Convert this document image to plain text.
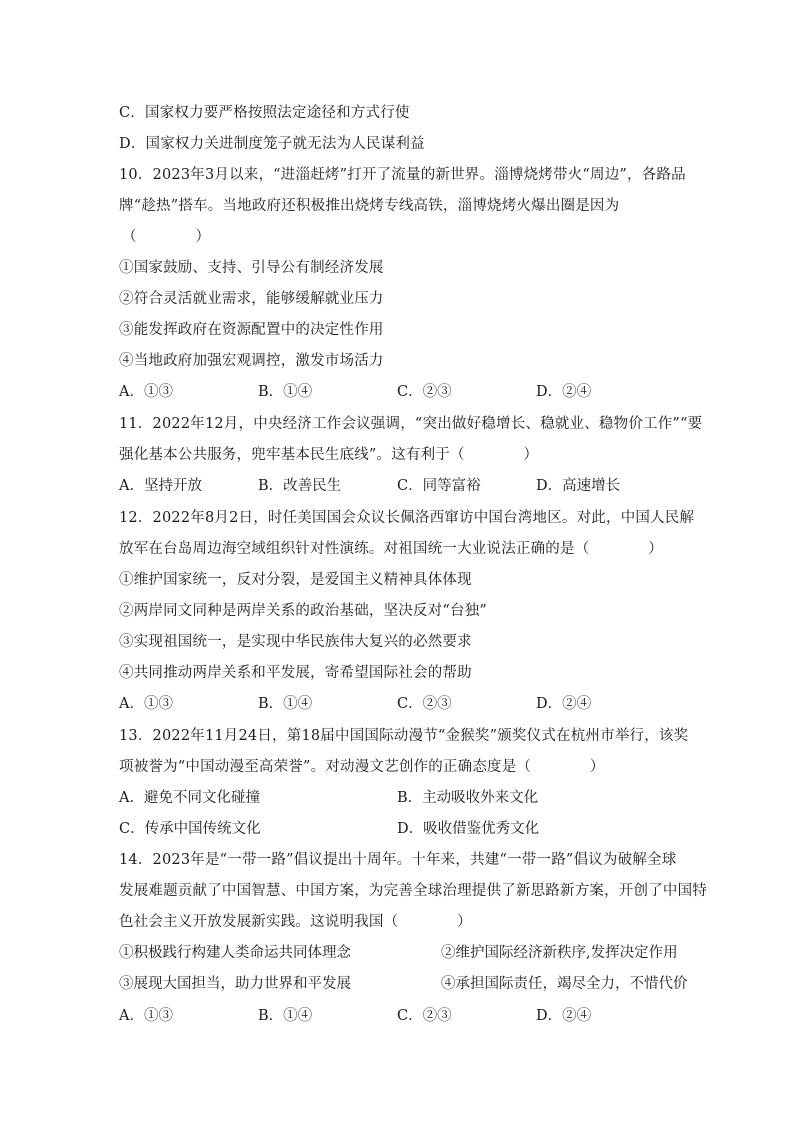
C．国家权力要严格按照法定途径和方式行使
D．国家权力关进制度笼子就无法为人民谋利益
10．2023年3月以来，“进淄赶烤”打开了流量的新世界。淄博烧烤带火“周边”，各路品
牌“趁热”搭车。当地政府还积极推出烧烤专线高铁，淄博烧烤火爆出圈是因为
（　　　　）
①国家鼓励、支持、引导公有制经济发展
②符合灵活就业需求，能够缓解就业压力
③能发挥政府在资源配置中的决定性作用
④当地政府加强宏观调控，激发市场活力
A．①③	B．①④	C．②③	D．②④
11．2022年12月，中央经济工作会议强调，“突出做好稳增长、稳就业、稳物价工作”“要
强化基本公共服务，兜牢基本民生底线”。这有利于（　　　　）
A．坚持开放	B．改善民生	C．同等富裕	D．高速增长
12．2022年8月2日，时任美国国会众议长佩洛西窜访中国台湾地区。对此，中国人民解
放军在台岛周边海空域组织针对性演练。对祖国统一大业说法正确的是（　　　　）
①维护国家统一，反对分裂，是爱国主义精神具体体现
②两岸同文同种是两岸关系的政治基础，坚决反对“台独”
③实现祖国统一，是实现中华民族伟大复兴的必然要求
④共同推动两岸关系和平发展，寄希望国际社会的帮助
A．①③	B．①④	C．②③	D．②④
13．2022年11月24日，第18届中国国际动漫节“金猴奖”颁奖仪式在杭州市举行，该奖
项被誉为“中国动漫至高荣誉”。对动漫文艺创作的正确态度是（　　　　）
A．避免不同文化碰撞	B．主动吸收外来文化
C．传承中国传统文化	D．吸收借鉴优秀文化
14．2023年是“一带一路”倡议提出十周年。十年来，共建“一带一路”倡议为破解全球
发展难题贡献了中国智慧、中国方案，为完善全球治理提供了新思路新方案，开创了中国特
色社会主义开放发展新实践。这说明我国（　　　　）
①积极践行构建人类命运共同体理念	②维护国际经济新秩序,发挥决定作用
③展现大国担当，助力世界和平发展	④承担国际责任，竭尽全力，不惜代价
A．①③	B．①④	C．②③	D．②④
